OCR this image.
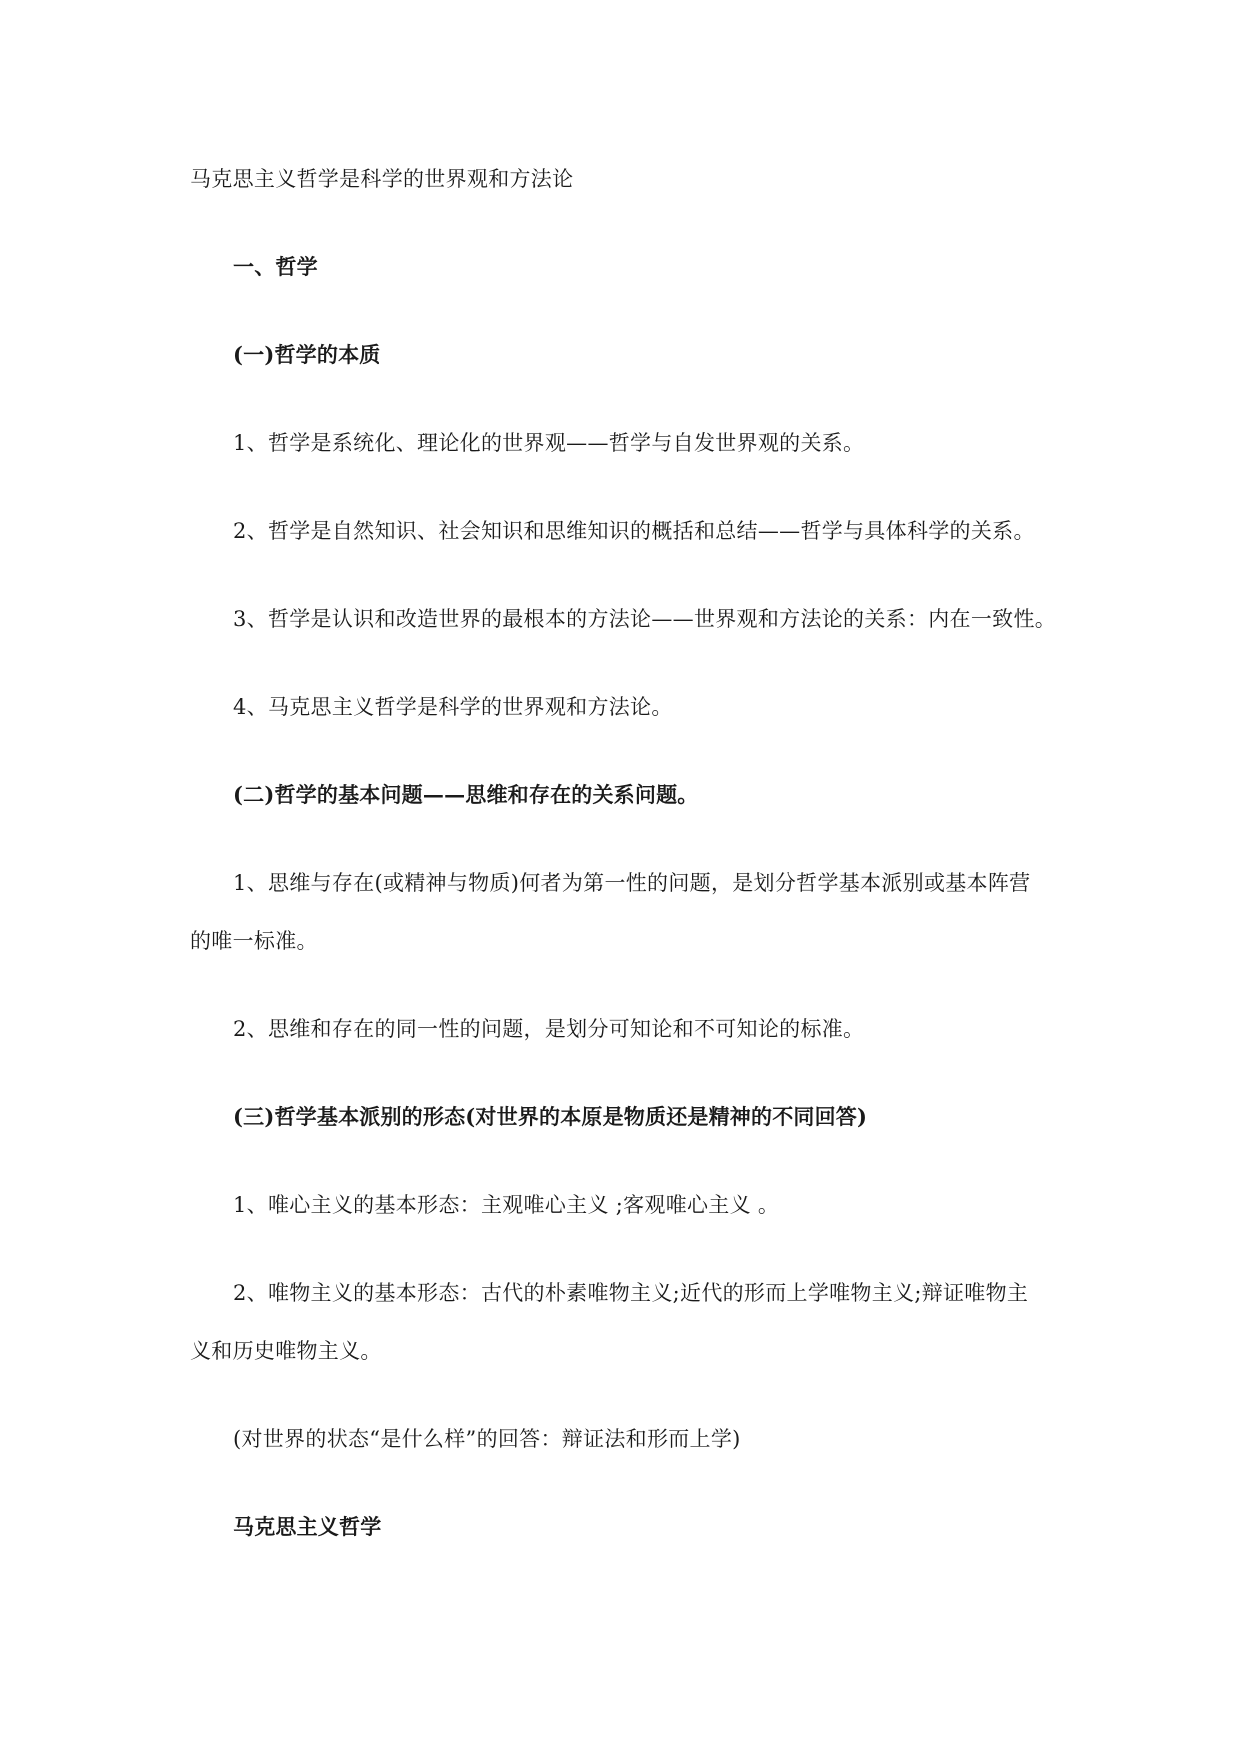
马克思主义哲学是科学的世界观和方法论
一、哲学
(一)哲学的本质
1、哲学是系统化、理论化的世界观——哲学与自发世界观的关系。
2、哲学是自然知识、社会知识和思维知识的概括和总结——哲学与具体科学的关系。
3、哲学是认识和改造世界的最根本的方法论——世界观和方法论的关系：内在一致性。
4、马克思主义哲学是科学的世界观和方法论。
(二)哲学的基本问题——思维和存在的关系问题。
1、思维与存在(或精神与物质)何者为第一性的问题，是划分哲学基本派别或基本阵营
的唯一标准。
2、思维和存在的同一性的问题，是划分可知论和不可知论的标准。
(三)哲学基本派别的形态(对世界的本原是物质还是精神的不同回答)
1、唯心主义的基本形态：主观唯心主义 ;客观唯心主义 。
2、唯物主义的基本形态：古代的朴素唯物主义;近代的形而上学唯物主义;辩证唯物主
义和历史唯物主义。
(对世界的状态“是什么样”的回答：辩证法和形而上学)
马克思主义哲学
